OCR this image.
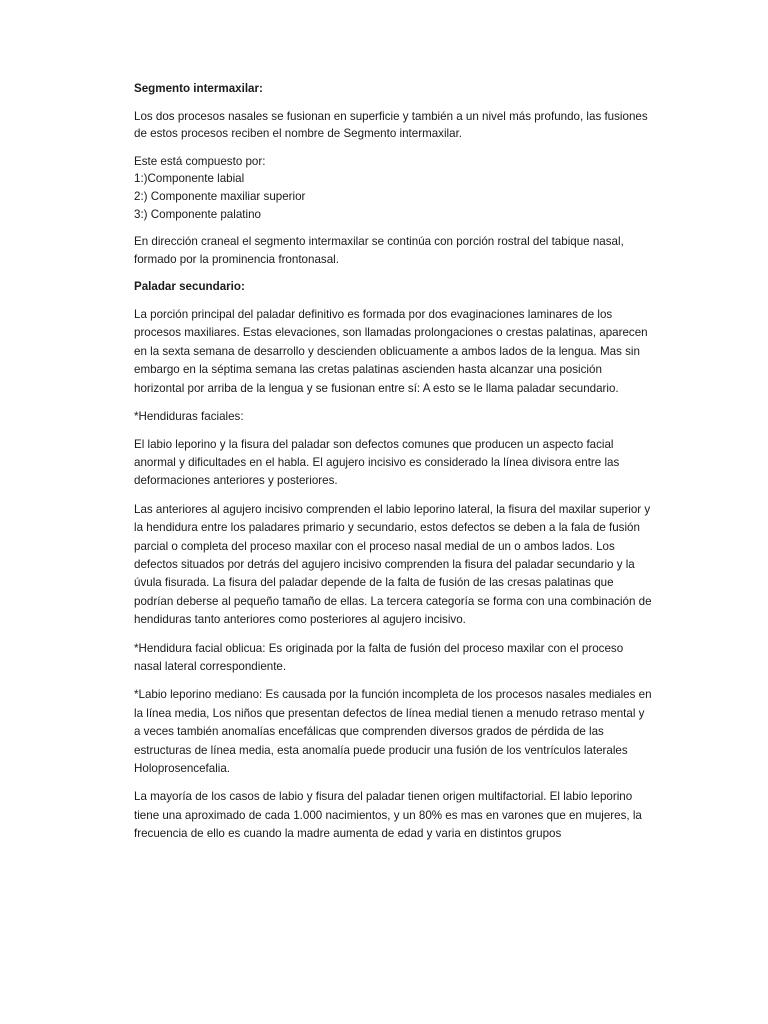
Segmento intermaxilar:

Los dos procesos nasales se fusionan en superficie y también a un nivel más profundo, las fusiones de estos procesos reciben el nombre de Segmento intermaxilar.

Este está compuesto por:
1:)Componente labial
2:) Componente maxiliar superior
3:) Componente palatino

En dirección craneal el segmento intermaxilar se continúa con porción rostral del tabique nasal, formado por la prominencia frontonasal.

Paladar secundario:

La porción principal del paladar definitivo es formada por dos evaginaciones laminares de los procesos maxiliares. Estas elevaciones, son llamadas prolongaciones o crestas palatinas, aparecen en la sexta semana de desarrollo y descienden oblicuamente a ambos lados de la lengua. Mas sin embargo en la séptima semana las cretas palatinas ascienden hasta alcanzar una posición horizontal por arriba de la lengua y se fusionan entre sí: A esto se le llama paladar secundario.

*Hendiduras faciales:

El labio leporino y la fisura del paladar son defectos comunes que producen un aspecto facial anormal y dificultades en el habla. El agujero incisivo es considerado la línea divisora entre las deformaciones anteriores y posteriores.

Las anteriores al agujero incisivo comprenden el labio leporino lateral, la fisura del maxilar superior y la hendidura entre los paladares primario y secundario, estos defectos se deben a la fala de fusión parcial o completa del proceso maxilar con el proceso nasal medial de un o ambos lados. Los defectos situados por detrás del agujero incisivo comprenden la fisura del paladar secundario y la úvula fisurada. La fisura del paladar depende de la falta de fusión de las cresas palatinas que podrían deberse al pequeño tamaño de ellas. La tercera categoría se forma con una combinación de hendiduras tanto anteriores como posteriores al agujero incisivo.

*Hendidura facial oblicua: Es originada por la falta de fusión del proceso maxilar con el proceso nasal lateral correspondiente.

*Labio leporino mediano: Es causada por la función incompleta de los procesos nasales mediales en la línea media, Los niños que presentan defectos de línea medial tienen a menudo retraso mental y a veces también anomalías encefálicas que comprenden diversos grados de pérdida de las estructuras de línea media, esta anomalía puede producir una fusión de los ventrículos laterales Holoprosencefalia.

La mayoría de los casos de labio y fisura del paladar tienen origen multifactorial. El labio leporino tiene una aproximado de cada 1.000 nacimientos, y un 80% es mas en varones que en mujeres, la frecuencia de ello es cuando la madre aumenta de edad y varia en distintos grupos
